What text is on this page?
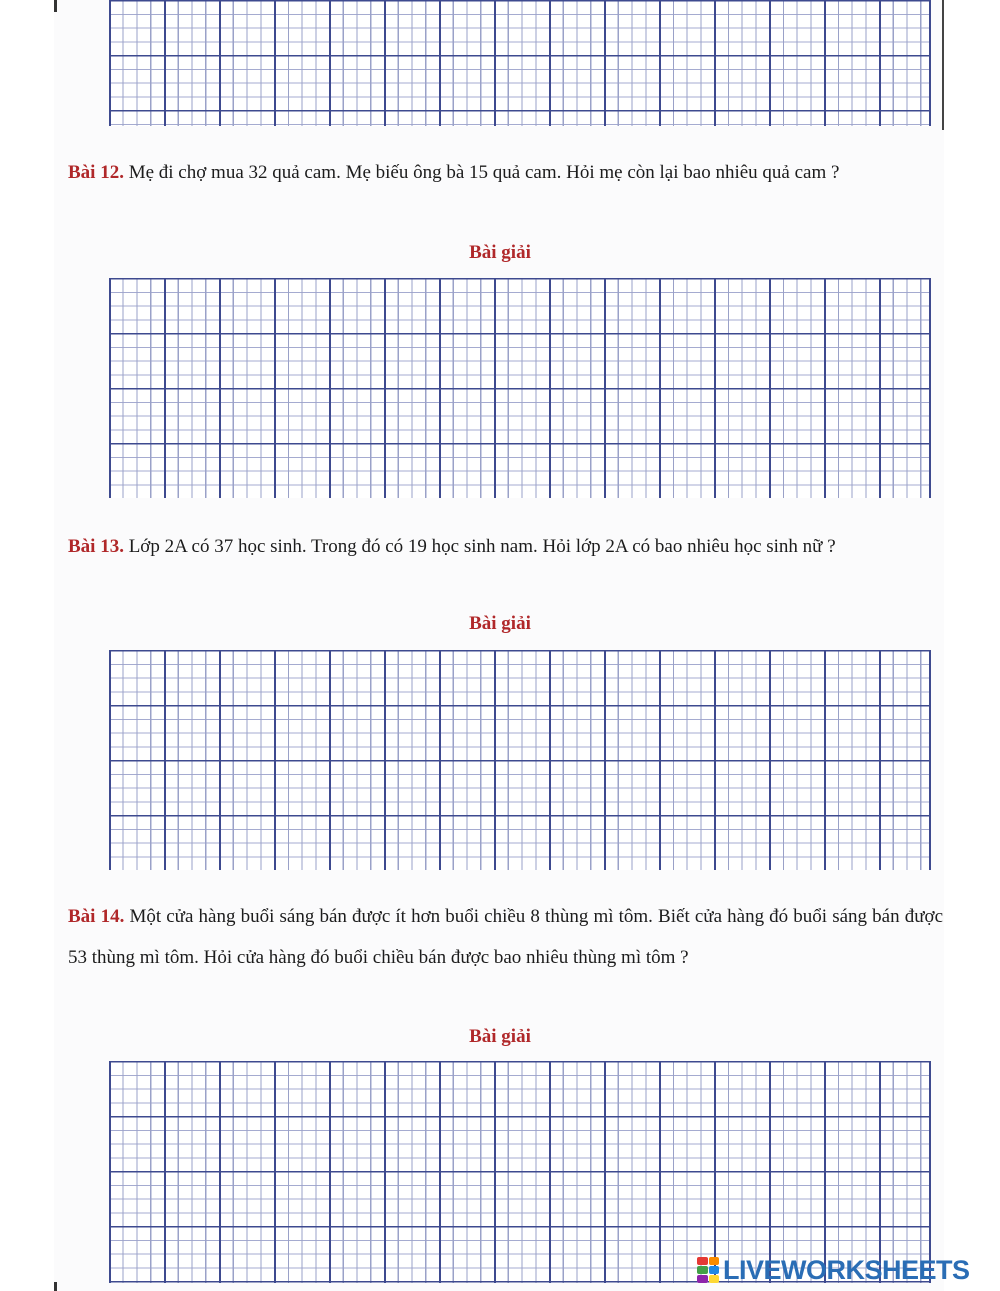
Bài 12. Mẹ đi chợ mua 32 quả cam. Mẹ biếu ông bà 15 quả cam. Hỏi mẹ còn lại bao nhiêu quả cam ?
Bài giải
Bài 13. Lớp 2A có 37 học sinh. Trong đó có 19 học sinh nam. Hỏi lớp 2A có bao nhiêu học sinh nữ ?
Bài giải
Bài 14. Một cửa hàng buổi sáng bán được ít hơn buổi chiều 8 thùng mì tôm. Biết cửa hàng đó buổi sáng bán được 53 thùng mì tôm. Hỏi cửa hàng đó buổi chiều bán được bao nhiêu thùng mì tôm ?
Bài giải
LIVEWORKSHEETS
